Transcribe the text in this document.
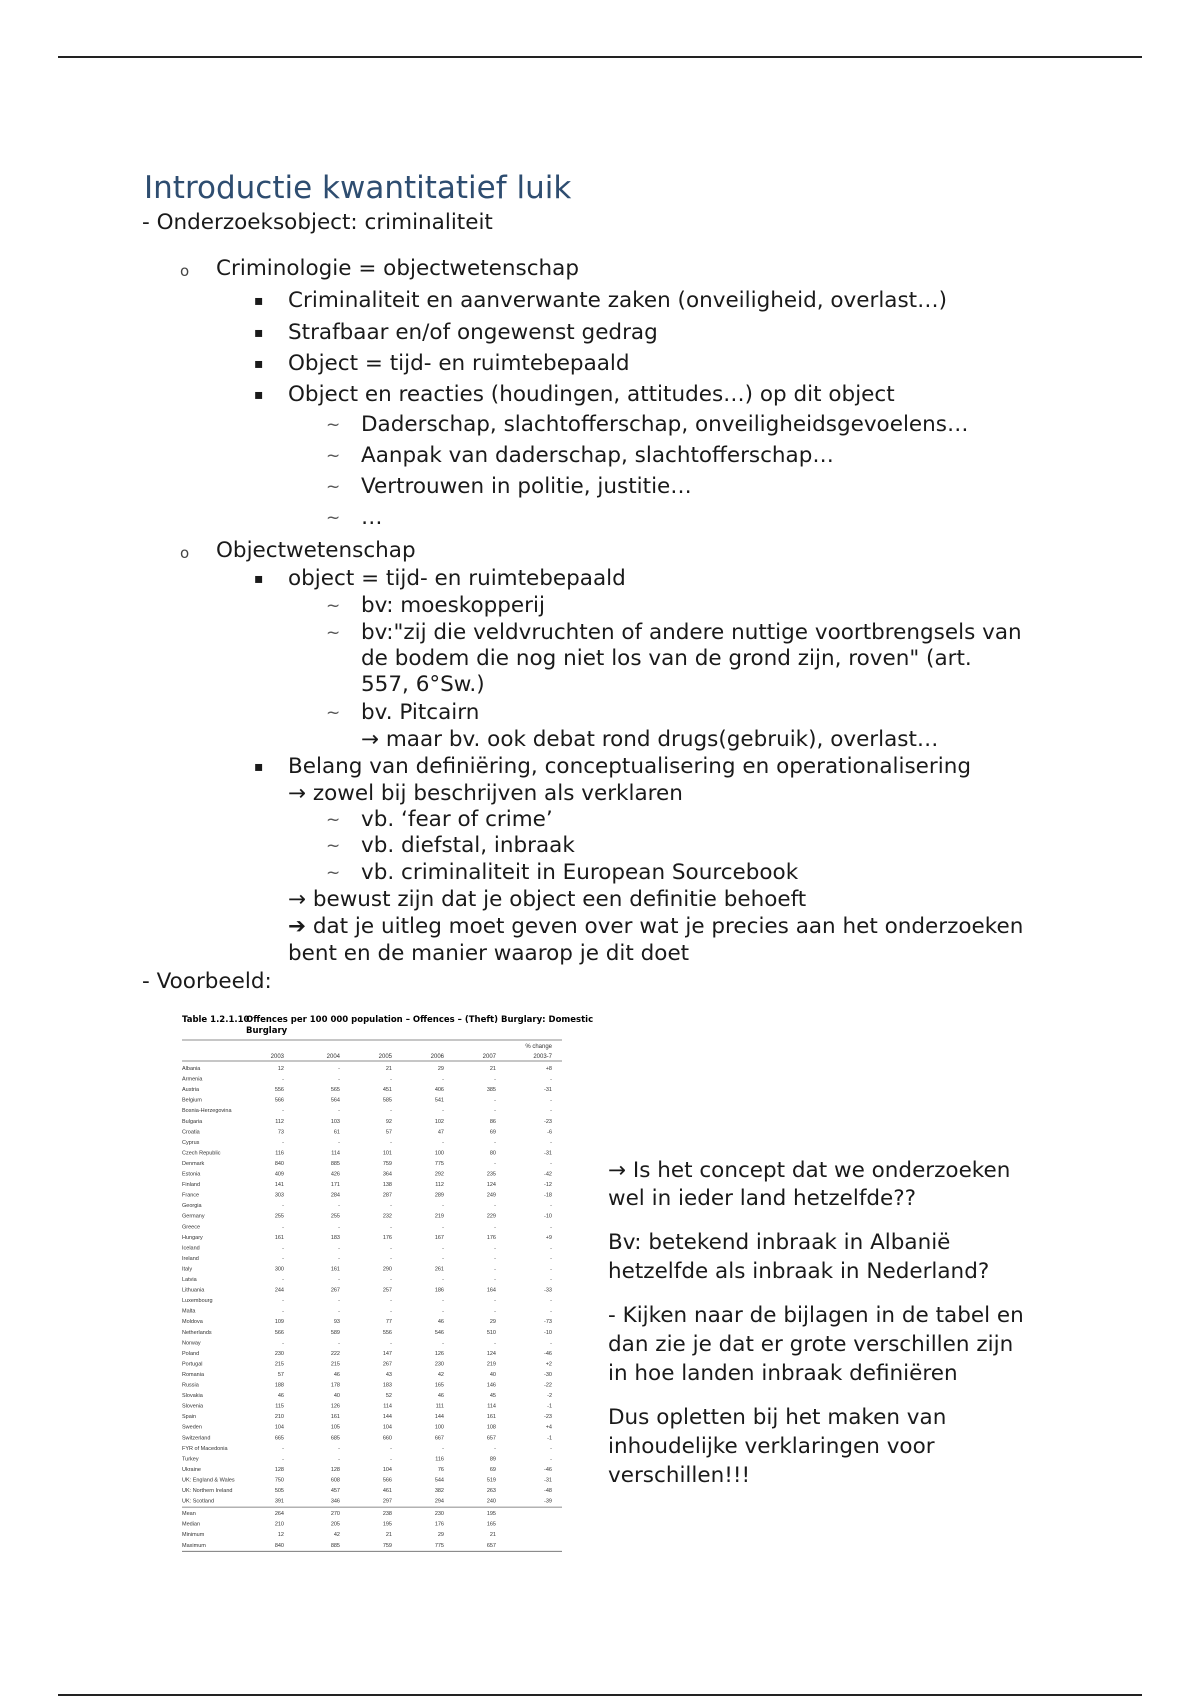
Introductie kwantitatief luik
- Onderzoeksobject: criminaliteit
o Criminologie = objectwetenschap
▪ Criminaliteit en aanverwante zaken (onveiligheid, overlast…)
▪ Strafbaar en/of ongewenst gedrag
▪ Object = tijd- en ruimtebepaald
▪ Object en reacties (houdingen, attitudes…) op dit object
~ Daderschap, slachtofferschap, onveiligheidsgevoelens…
~ Aanpak van daderschap, slachtofferschap…
~ Vertrouwen in politie, justitie…
~ …
o Objectwetenschap
▪ object = tijd- en ruimtebepaald
~ bv: moeskopperij
~ bv:"zij die veldvruchten of andere nuttige voortbrengsels van
de bodem die nog niet los van de grond zijn, roven" (art.
557, 6°Sw.)
~ bv. Pitcairn
→ maar bv. ook debat rond drugs(gebruik), overlast…
▪ Belang van definiëring, conceptualisering en operationalisering
→ zowel bij beschrijven als verklaren
~ vb. ‘fear of crime’
~ vb. diefstal, inbraak
~ vb. criminaliteit in European Sourcebook
→ bewust zijn dat je object een definitie behoeft
➔ dat je uitleg moet geven over wat je precies aan het onderzoeken
bent en de manier waarop je dit doet
- Voorbeeld:
Table 1.2.1.10
Offences per 100 000 population – Offences – (Theft) Burglary: Domestic
Burglary
2003	2004	2005	2006	2007
% change
2003-7
Albania	12	-	21	29	21	+8
Armenia	-	-	-	-	-	-
Austria	556	565	451	406	385	-31
Belgium	566	564	585	541	-	-
Bosnia-Herzegovina	-	-	-	-	-	-
Bulgaria	112	103	92	102	86	-23
Croatia	73	61	57	47	69	-6
Cyprus	-	-	-	-	-	-
Czech Republic	116	114	101	100	80	-31
Denmark	840	885	759	775	-	-
Estonia	409	426	364	292	235	-42
Finland	141	171	138	112	124	-12
France	303	284	287	289	249	-18
Georgia	-	-	-	-	-	-
Germany	255	255	232	219	229	-10
Greece	-	-	-	-	-	-
Hungary	161	183	176	167	176	+9
Iceland	-	-	-	-	-	-
Ireland	-	-	-	-	-	-
Italy	300	161	290	261	-	-
Latvia	-	-	-	-	-	-
Lithuania	244	267	257	186	164	-33
Luxembourg	-	-	-	-	-	-
Malta	-	-	-	-	-	-
Moldova	109	93	77	46	29	-73
Netherlands	566	589	556	546	510	-10
Norway	-	-	-	-	-	-
Poland	230	222	147	126	124	-46
Portugal	215	215	267	230	219	+2
Romania	57	46	43	42	40	-30
Russia	188	178	183	165	146	-22
Slovakia	46	40	52	46	45	-2
Slovenia	115	126	114	111	114	-1
Spain	210	161	144	144	161	-23
Sweden	104	105	104	100	108	+4
Switzerland	665	685	660	667	657	-1
FYR of Macedonia	-	-	-	-	-	-
Turkey	-	-	-	116	89	-
Ukraine	128	128	104	76	69	-46
UK: England & Wales	750	608	566	544	519	-31
UK: Northern Ireland	505	457	461	382	263	-48
UK: Scotland	391	346	297	294	240	-39
Mean	264	270	238	230	195
Median	210	205	195	176	165
Minimum	12	42	21	29	21
Maximum	840	885	759	775	657
→ Is het concept dat we onderzoeken
wel in ieder land hetzelfde??
Bv: betekend inbraak in Albanië
hetzelfde als inbraak in Nederland?
- Kijken naar de bijlagen in de tabel en
dan zie je dat er grote verschillen zijn
in hoe landen inbraak definiëren
Dus opletten bij het maken van
inhoudelijke verklaringen voor
verschillen!!!
